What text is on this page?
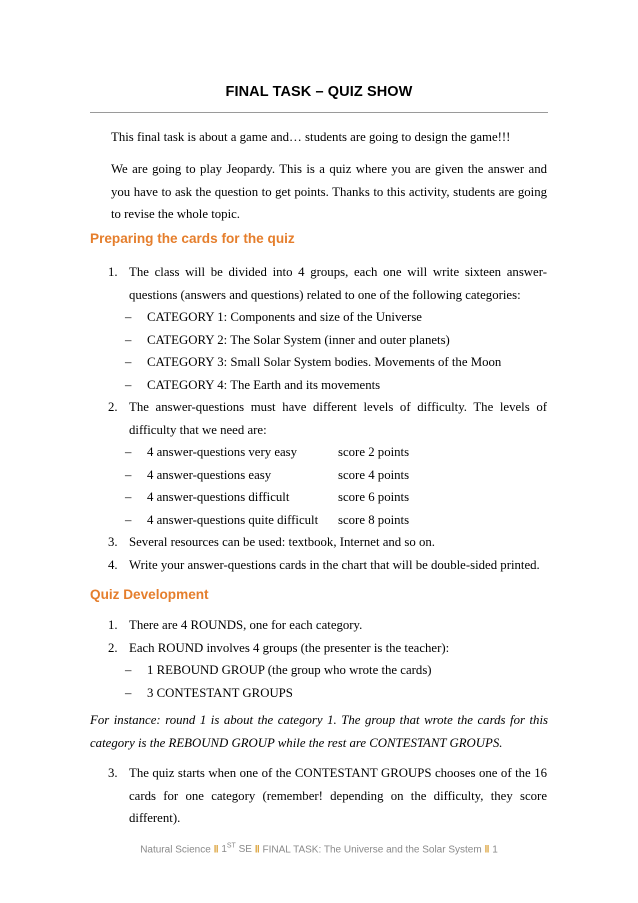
FINAL TASK – QUIZ SHOW
This final task is about a game and… students are going to design the game!!!
We are going to play Jeopardy. This is a quiz where you are given the answer and you have to ask the question to get points. Thanks to this activity, students are going to revise the whole topic.
Preparing the cards for the quiz
1. The class will be divided into 4 groups, each one will write sixteen answer-questions (answers and questions) related to one of the following categories:
– CATEGORY 1: Components and size of the Universe
– CATEGORY 2: The Solar System (inner and outer planets)
– CATEGORY 3: Small Solar System bodies. Movements of the Moon
– CATEGORY 4: The Earth and its movements
2. The answer-questions must have different levels of difficulty. The levels of difficulty that we need are:
– 4 answer-questions very easy	score 2 points
– 4 answer-questions easy	score 4 points
– 4 answer-questions difficult	score 6 points
– 4 answer-questions quite difficult score 8 points
3. Several resources can be used: textbook, Internet and so on.
4. Write your answer-questions cards in the chart that will be double-sided printed.
Quiz Development
1. There are 4 ROUNDS, one for each category.
2. Each ROUND involves 4 groups (the presenter is the teacher):
– 1 REBOUND GROUP (the group who wrote the cards)
– 3 CONTESTANT GROUPS
For instance: round 1 is about the category 1. The group that wrote the cards for this category is the REBOUND GROUP while the rest are CONTESTANT GROUPS.
3. The quiz starts when one of the CONTESTANT GROUPS chooses one of the 16 cards for one category (remember! depending on the difficulty, they score different).
Natural Science ‖ 1ST SE ‖ FINAL TASK: The Universe and the Solar System ‖ 1
